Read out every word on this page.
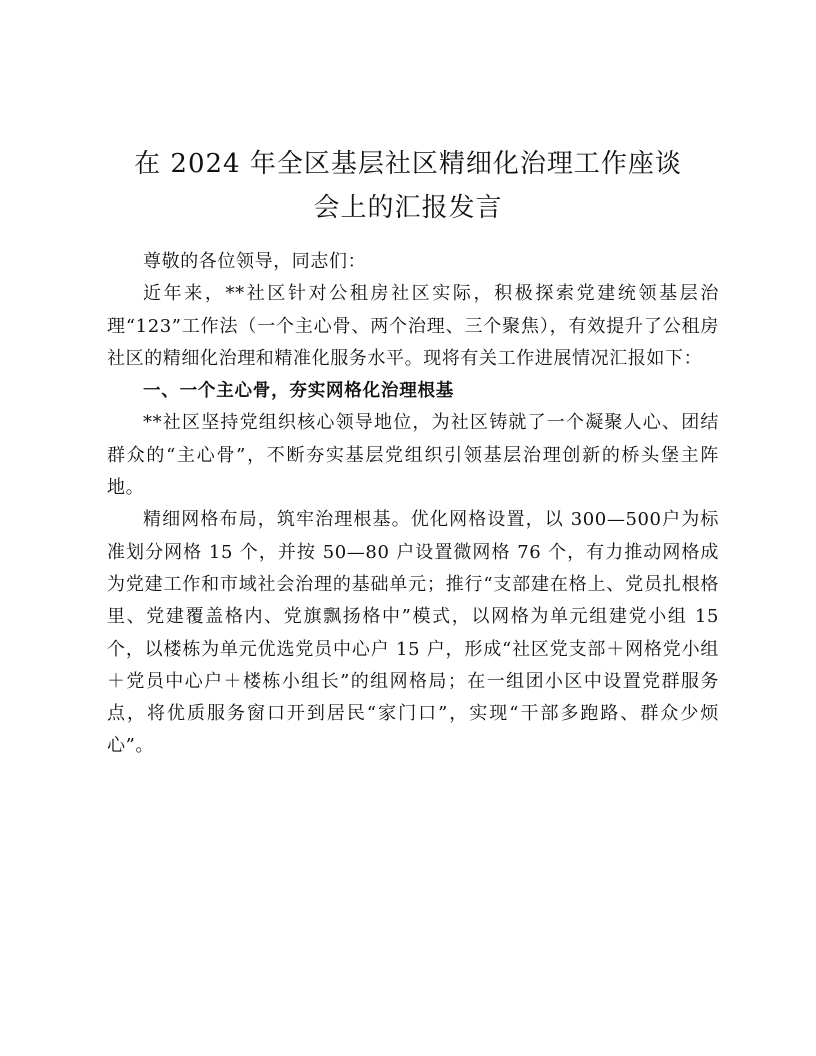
在 2024 年全区基层社区精细化治理工作座谈
会上的汇报发言

尊敬的各位领导，同志们：

近年来，**社区针对公租房社区实际，积极探索党建统领基层治理“123”工作法（一个主心骨、两个治理、三个聚焦），有效提升了公租房社区的精细化治理和精准化服务水平。现将有关工作进展情况汇报如下：

一、一个主心骨，夯实网格化治理根基

**社区坚持党组织核心领导地位，为社区铸就了一个凝聚人心、团结群众的“主心骨”，不断夯实基层党组织引领基层治理创新的桥头堡主阵地。

精细网格布局，筑牢治理根基。优化网格设置，以 300—500户为标准划分网格 15 个，并按 50—80 户设置微网格 76 个，有力推动网格成为党建工作和市域社会治理的基础单元；推行“支部建在格上、党员扎根格里、党建覆盖格内、党旗飘扬格中”模式，以网格为单元组建党小组 15 个，以楼栋为单元优选党员中心户 15 户，形成“社区党支部＋网格党小组＋党员中心户＋楼栋小组长”的组网格局；在一组团小区中设置党群服务点，将优质服务窗口开到居民“家门口”，实现“干部多跑路、群众少烦心”。
